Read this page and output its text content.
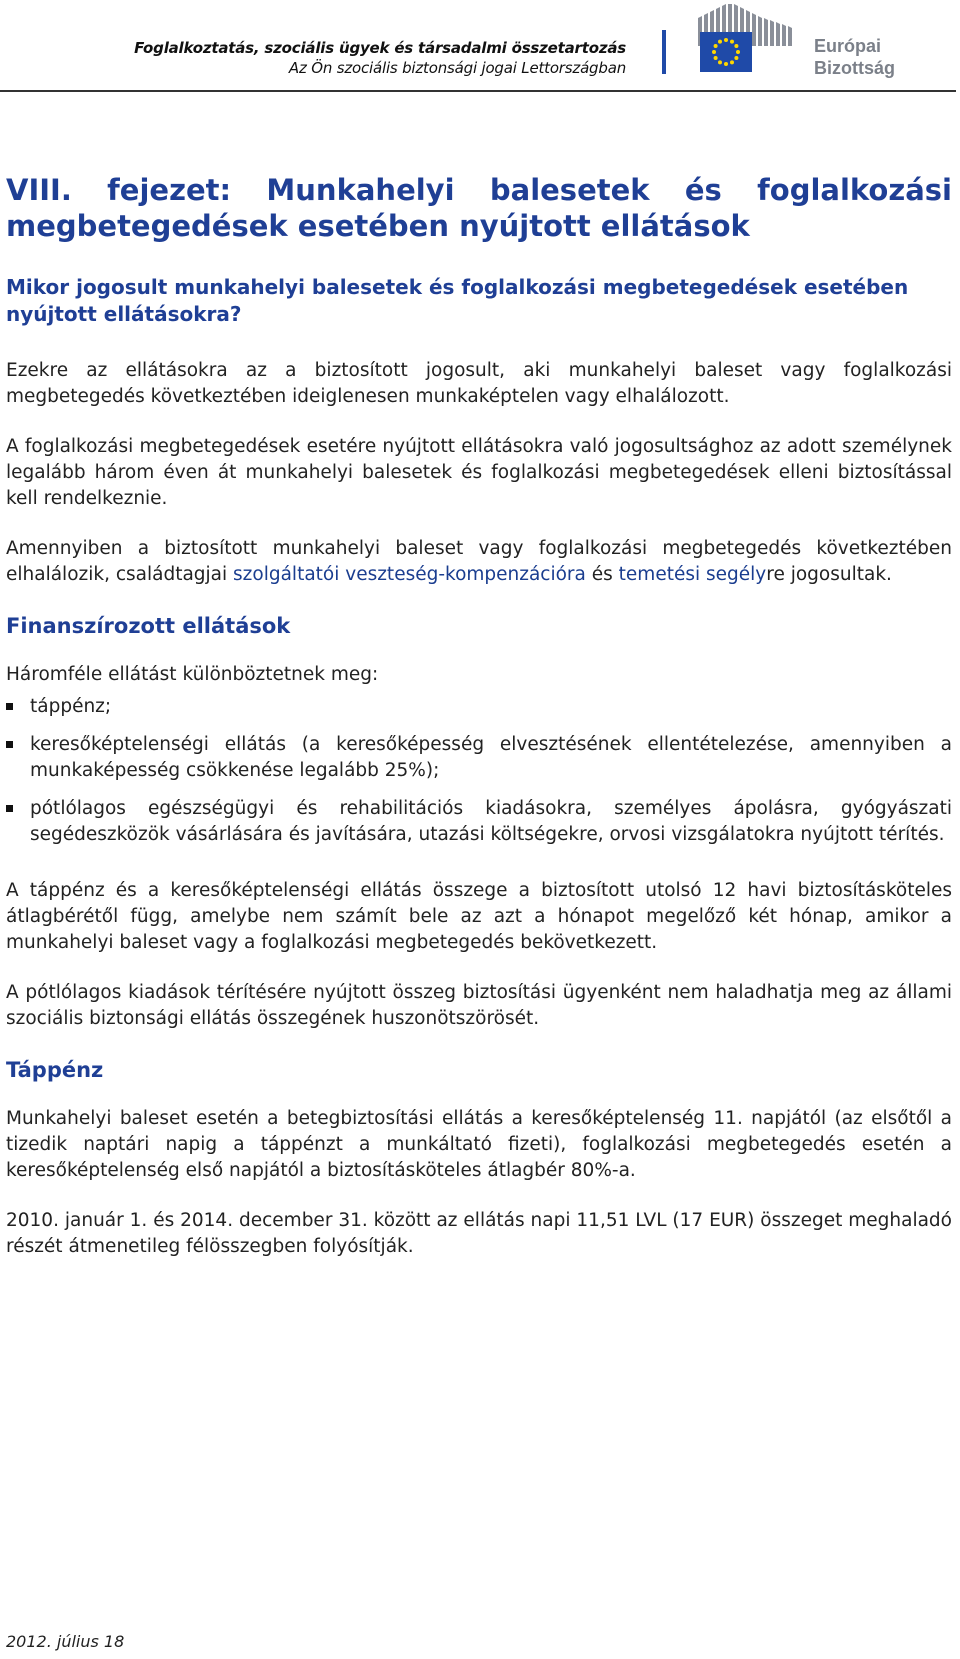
Foglalkoztatás, szociális ügyek és társadalmi összetartozás
Az Ön szociális biztonsági jogai Lettországban
Európai
Bizottság
VIII. fejezet: Munkahelyi balesetek és foglalkozási megbetegedések esetében nyújtott ellátások
Mikor jogosult munkahelyi balesetek és foglalkozási megbetegedések esetében nyújtott ellátásokra?

Ezekre az ellátásokra az a biztosított jogosult, aki munkahelyi baleset vagy foglalkozási megbetegedés következtében ideiglenesen munkaképtelen vagy elhalálozott.

A foglalkozási megbetegedések esetére nyújtott ellátásokra való jogosultsághoz az adott személynek legalább három éven át munkahelyi balesetek és foglalkozási megbetegedések elleni biztosítással kell rendelkeznie.

Amennyiben a biztosított munkahelyi baleset vagy foglalkozási megbetegedés következtében elhalálozik, családtagjai szolgáltatói veszteség-kompenzációra és temetési segélyre jogosultak.

Finanszírozott ellátások

Háromféle ellátást különböztetnek meg:

táppénz;
keresőképtelenségi ellátás (a keresőképesség elvesztésének ellentételezése, amennyiben a munkaképesség csökkenése legalább 25%);
pótlólagos egészségügyi és rehabilitációs kiadásokra, személyes ápolásra, gyógyászati segédeszközök vásárlására és javítására, utazási költségekre, orvosi vizsgálatokra nyújtott térítés.

A táppénz és a keresőképtelenségi ellátás összege a biztosított utolsó 12 havi biztosításköteles átlagbérétől függ, amelybe nem számít bele az azt a hónapot megelőző két hónap, amikor a munkahelyi baleset vagy a foglalkozási megbetegedés bekövetkezett.

A pótlólagos kiadások térítésére nyújtott összeg biztosítási ügyenként nem haladhatja meg az állami szociális biztonsági ellátás összegének huszonötszörösét.

Táppénz

Munkahelyi baleset esetén a betegbiztosítási ellátás a keresőképtelenség 11. napjától (az elsőtől a tizedik naptári napig a táppénzt a munkáltató fizeti), foglalkozási megbetegedés esetén a keresőképtelenség első napjától a biztosításköteles átlagbér 80%-a.

2010. január 1. és 2014. december 31. között az ellátás napi 11,51 LVL (17 EUR) összeget meghaladó részét átmenetileg félösszegben folyósítják.

2012. július 18
